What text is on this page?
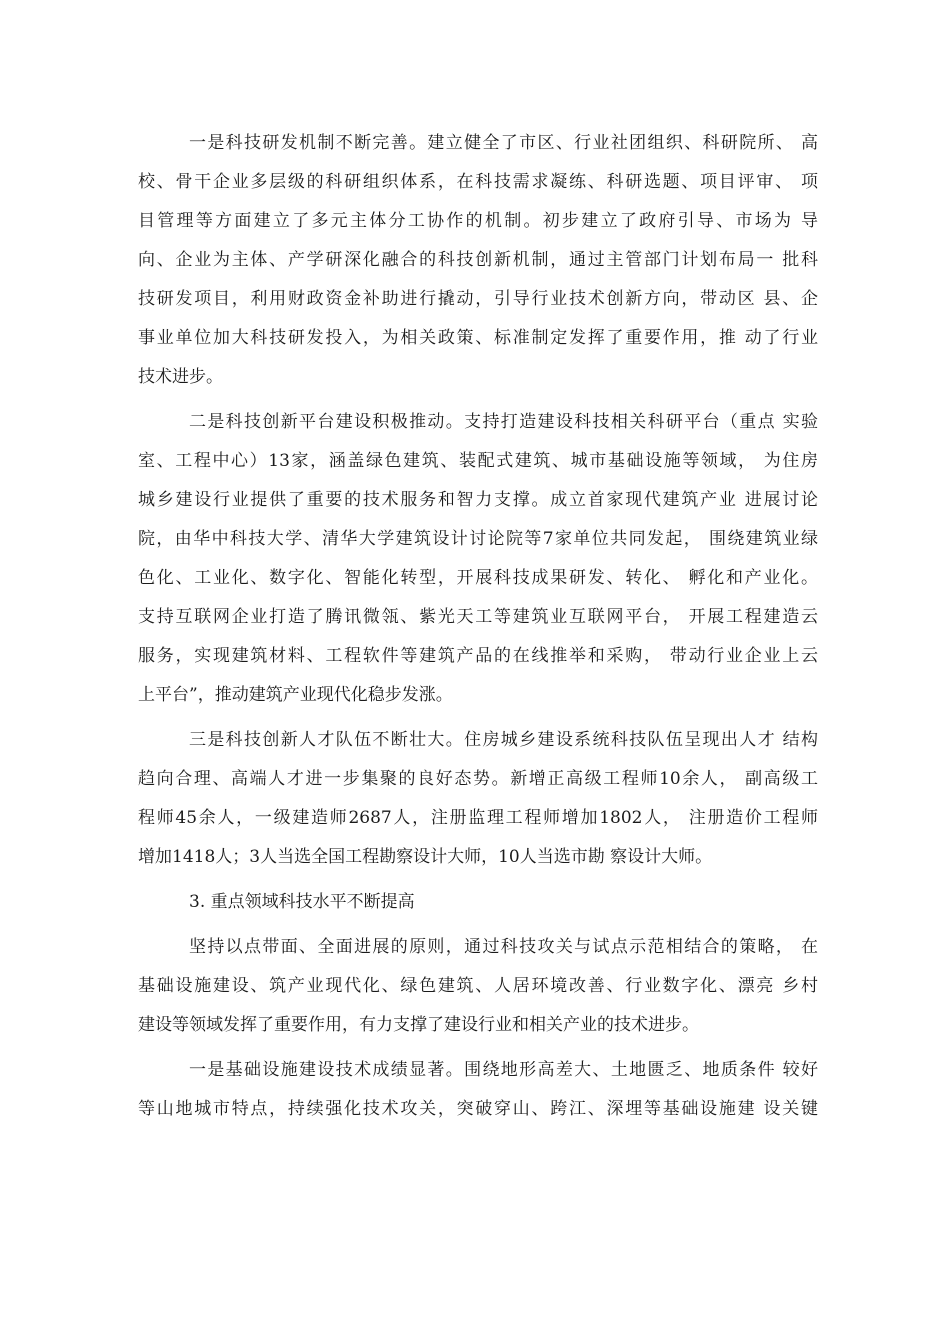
一是科技研发机制不断完善。建立健全了市区、行业社团组织、科研院所、 高
校、骨干企业多层级的科研组织体系，在科技需求凝练、科研选题、项目评审、 项
目管理等方面建立了多元主体分工协作的机制。初步建立了政府引导、市场为 导
向、企业为主体、产学研深化融合的科技创新机制，通过主管部门计划布局一 批科
技研发项目，利用财政资金补助进行撬动，引导行业技术创新方向，带动区 县、企
事业单位加大科技研发投入，为相关政策、标准制定发挥了重要作用，推 动了行业
技术进步。
二是科技创新平台建设积极推动。支持打造建设科技相关科研平台（重点 实验
室、工程中心）13家，涵盖绿色建筑、装配式建筑、城市基础设施等领域， 为住房
城乡建设行业提供了重要的技术服务和智力支撑。成立首家现代建筑产业 进展讨论
院，由华中科技大学、清华大学建筑设计讨论院等7家单位共同发起， 围绕建筑业绿
色化、工业化、数字化、智能化转型，开展科技成果研发、转化、 孵化和产业化。
支持互联网企业打造了腾讯微瓴、紫光天工等建筑业互联网平台， 开展工程建造云
服务，实现建筑材料、工程软件等建筑产品的在线推举和采购， 带动行业企业上云
上平台”，推动建筑产业现代化稳步发涨。
三是科技创新人才队伍不断壮大。住房城乡建设系统科技队伍呈现出人才 结构
趋向合理、高端人才进一步集聚的良好态势。新增正高级工程师10余人， 副高级工
程师45余人，一级建造师2687人，注册监理工程师增加1802人， 注册造价工程师
增加1418人；3人当选全国工程勘察设计大师，10人当选市勘 察设计大师。
3. 重点领域科技水平不断提高
坚持以点带面、全面进展的原则，通过科技攻关与试点示范相结合的策略， 在
基础设施建设、筑产业现代化、绿色建筑、人居环境改善、行业数字化、漂亮 乡村
建设等领域发挥了重要作用，有力支撑了建设行业和相关产业的技术进步。
一是基础设施建设技术成绩显著。围绕地形高差大、土地匮乏、地质条件 较好
等山地城市特点，持续强化技术攻关，突破穿山、跨江、深埋等基础设施建 设关键
